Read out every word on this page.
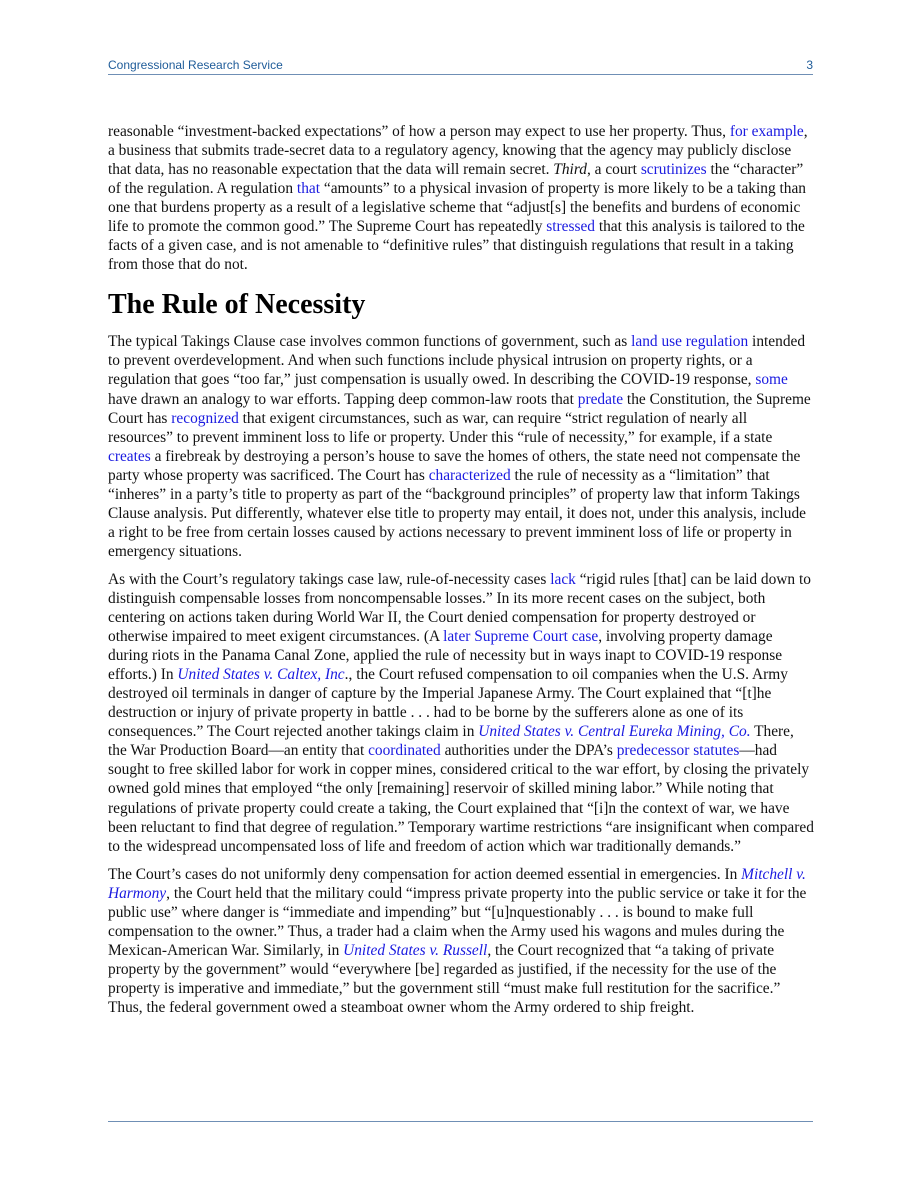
Congressional Research Service	3

reasonable “investment-backed expectations” of how a person may expect to use her property. Thus, for example, a business that submits trade-secret data to a regulatory agency, knowing that the agency may publicly disclose that data, has no reasonable expectation that the data will remain secret. Third, a court scrutinizes the “character” of the regulation. A regulation that “amounts” to a physical invasion of property is more likely to be a taking than one that burdens property as a result of a legislative scheme that “adjust[s] the benefits and burdens of economic life to promote the common good.” The Supreme Court has repeatedly stressed that this analysis is tailored to the facts of a given case, and is not amenable to “definitive rules” that distinguish regulations that result in a taking from those that do not.

The Rule of Necessity

The typical Takings Clause case involves common functions of government, such as land use regulation intended to prevent overdevelopment. And when such functions include physical intrusion on property rights, or a regulation that goes “too far,” just compensation is usually owed. In describing the COVID-19 response, some have drawn an analogy to war efforts. Tapping deep common-law roots that predate the Constitution, the Supreme Court has recognized that exigent circumstances, such as war, can require “strict regulation of nearly all resources” to prevent imminent loss to life or property. Under this “rule of necessity,” for example, if a state creates a firebreak by destroying a person’s house to save the homes of others, the state need not compensate the party whose property was sacrificed. The Court has characterized the rule of necessity as a “limitation” that “inheres” in a party’s title to property as part of the “background principles” of property law that inform Takings Clause analysis. Put differently, whatever else title to property may entail, it does not, under this analysis, include a right to be free from certain losses caused by actions necessary to prevent imminent loss of life or property in emergency situations.

As with the Court’s regulatory takings case law, rule-of-necessity cases lack “rigid rules [that] can be laid down to distinguish compensable losses from noncompensable losses.” In its more recent cases on the subject, both centering on actions taken during World War II, the Court denied compensation for property destroyed or otherwise impaired to meet exigent circumstances. (A later Supreme Court case, involving property damage during riots in the Panama Canal Zone, applied the rule of necessity but in ways inapt to COVID-19 response efforts.) In United States v. Caltex, Inc., the Court refused compensation to oil companies when the U.S. Army destroyed oil terminals in danger of capture by the Imperial Japanese Army. The Court explained that “[t]he destruction or injury of private property in battle . . . had to be borne by the sufferers alone as one of its consequences.” The Court rejected another takings claim in United States v. Central Eureka Mining, Co. There, the War Production Board—an entity that coordinated authorities under the DPA’s predecessor statutes—had sought to free skilled labor for work in copper mines, considered critical to the war effort, by closing the privately owned gold mines that employed “the only [remaining] reservoir of skilled mining labor.” While noting that regulations of private property could create a taking, the Court explained that “[i]n the context of war, we have been reluctant to find that degree of regulation.” Temporary wartime restrictions “are insignificant when compared to the widespread uncompensated loss of life and freedom of action which war traditionally demands.”

The Court’s cases do not uniformly deny compensation for action deemed essential in emergencies. In Mitchell v. Harmony, the Court held that the military could “impress private property into the public service or take it for the public use” where danger is “immediate and impending” but “[u]nquestionably . . . is bound to make full compensation to the owner.” Thus, a trader had a claim when the Army used his wagons and mules during the Mexican-American War. Similarly, in United States v. Russell, the Court recognized that “a taking of private property by the government” would “everywhere [be] regarded as justified, if the necessity for the use of the property is imperative and immediate,” but the government still “must make full restitution for the sacrifice.” Thus, the federal government owed a steamboat owner whom the Army ordered to ship freight.
